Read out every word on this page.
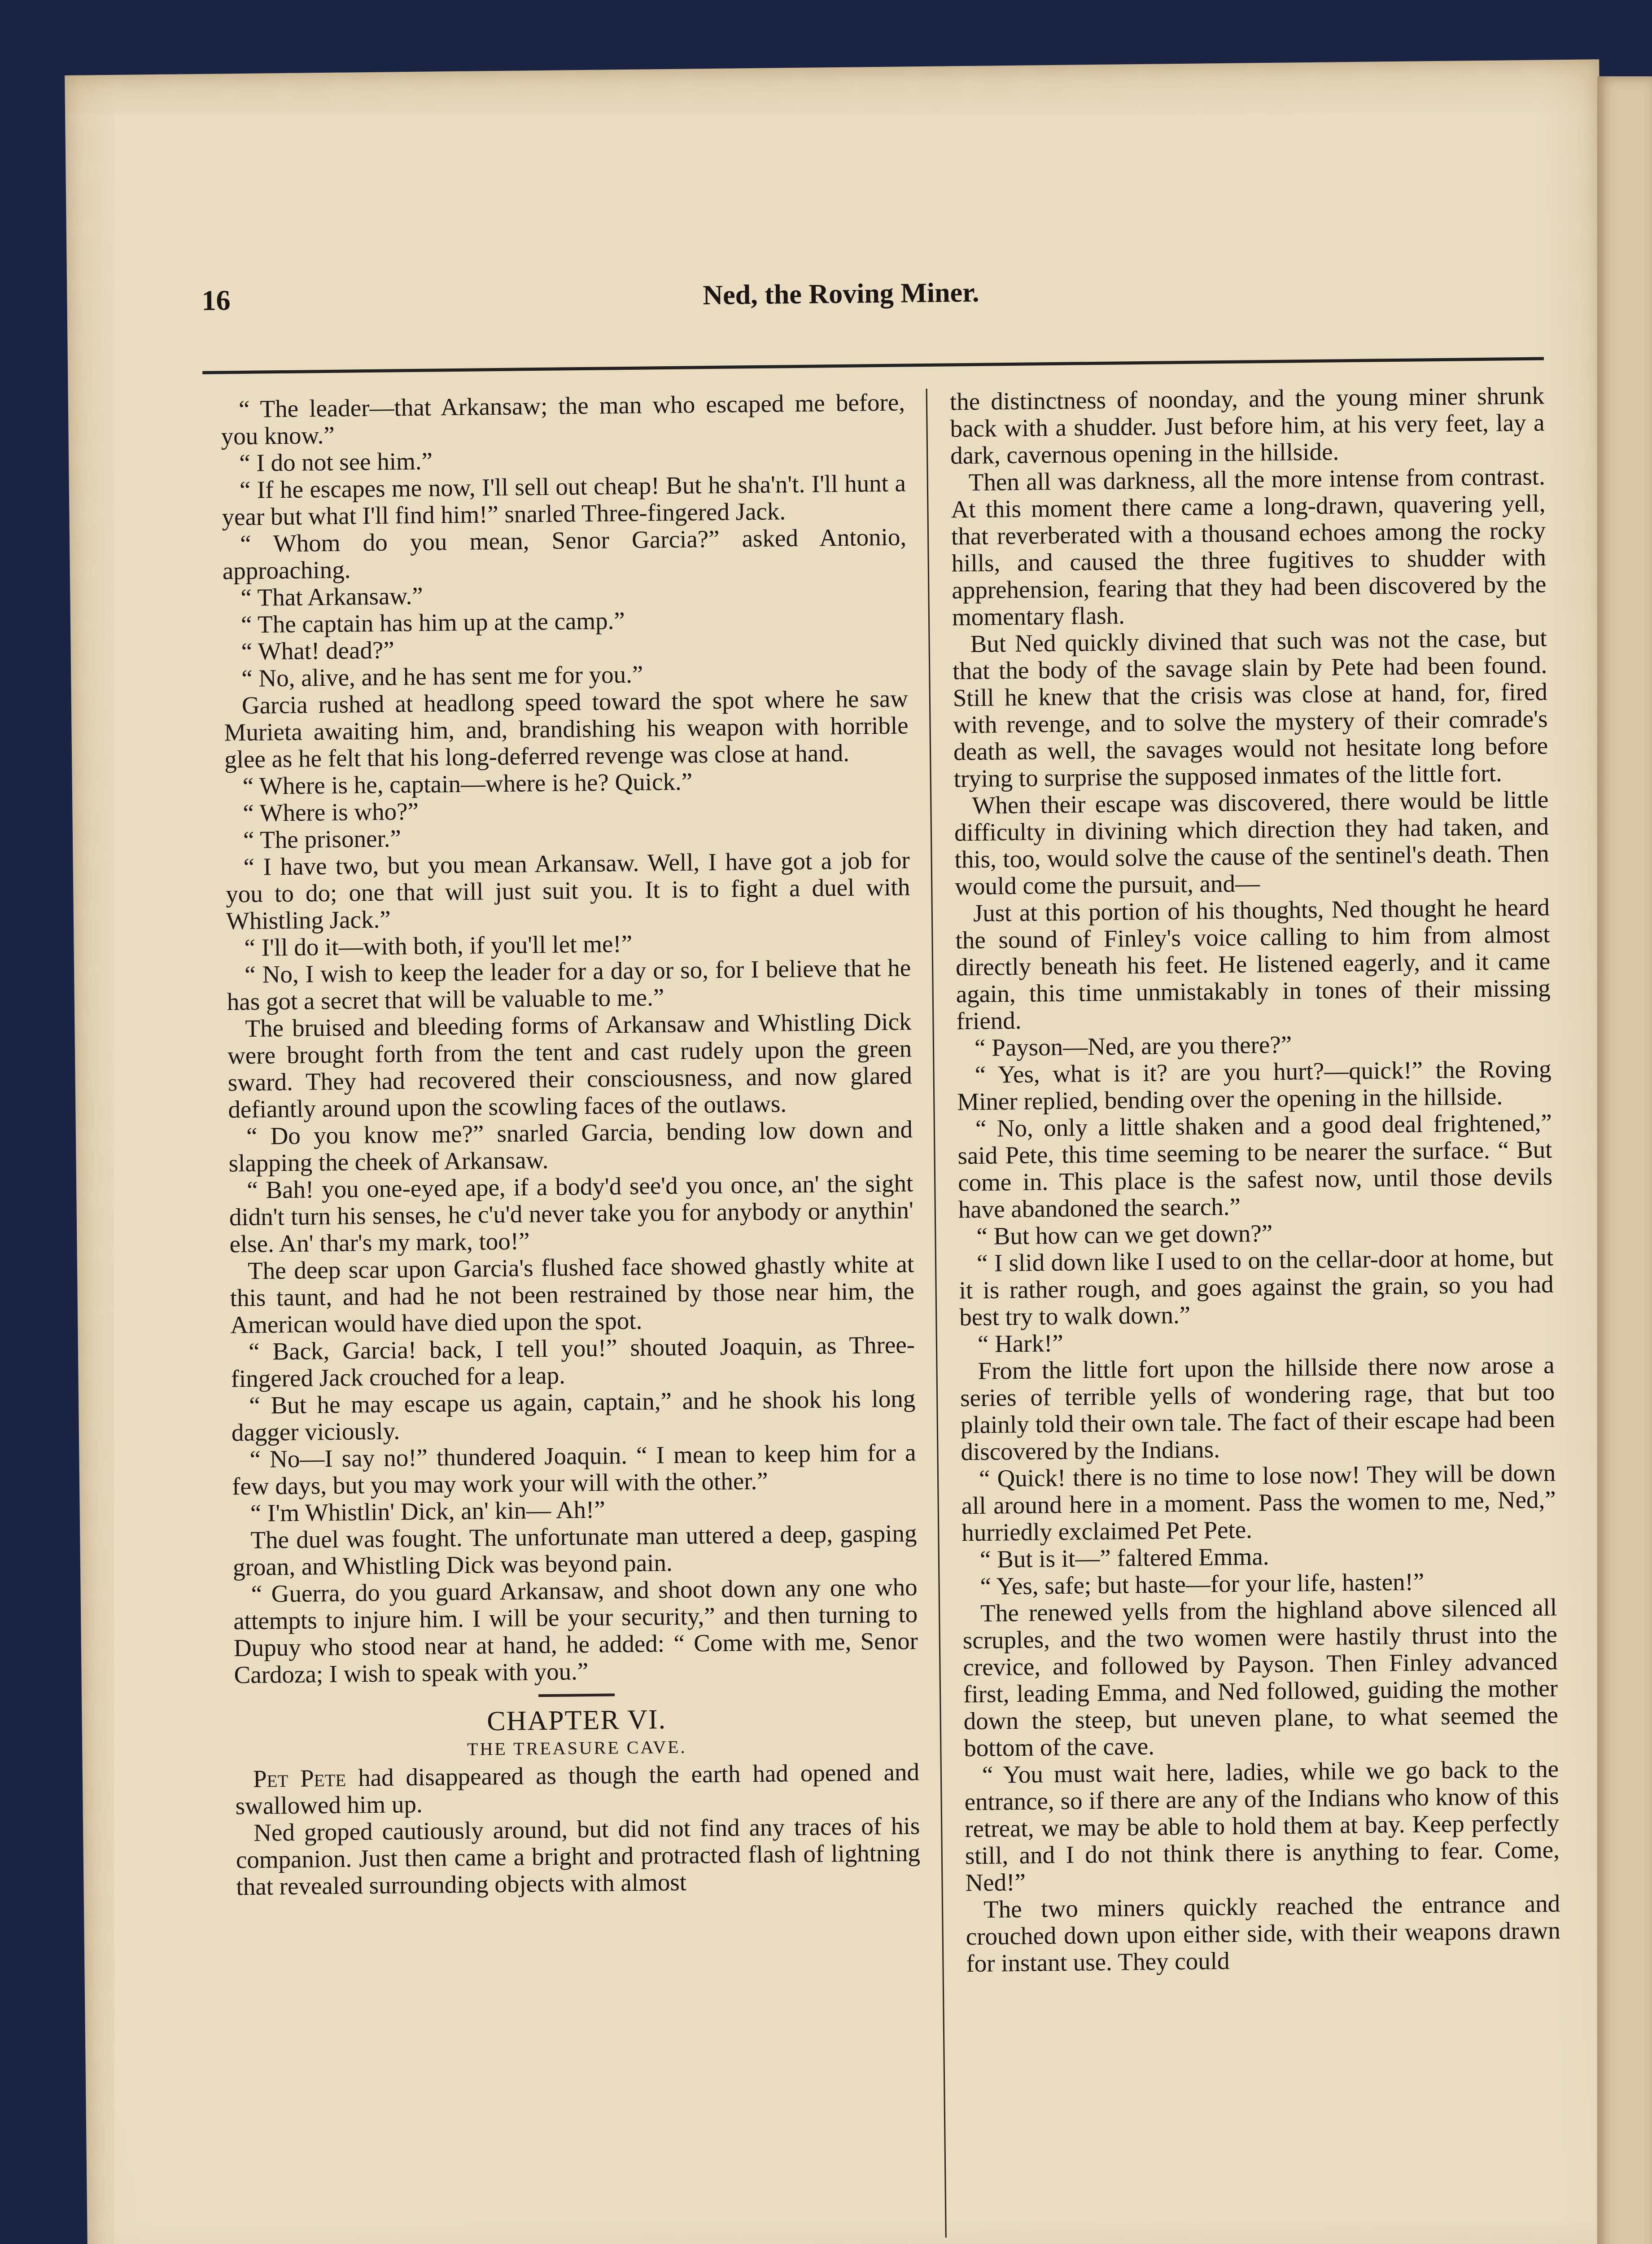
16	Ned, the Roving Miner.

“ The leader—that Arkansaw; the man who escaped me before, you know.”

“ I do not see him.”

“ If he escapes me now, I'll sell out cheap! But he sha'n't. I'll hunt a year but what I'll find him!” snarled Three-fingered Jack.

“ Whom do you mean, Senor Garcia?” asked Antonio, approaching.

“ That Arkansaw.”

“ The captain has him up at the camp.”

“ What! dead?”

“ No, alive, and he has sent me for you.”

Garcia rushed at headlong speed toward the spot where he saw Murieta awaiting him, and, brandishing his weapon with horrible glee as he felt that his long-deferred revenge was close at hand.

“ Where is he, captain—where is he? Quick.”

“ Where is who?”

“ The prisoner.”

“ I have two, but you mean Arkansaw. Well, I have got a job for you to do; one that will just suit you. It is to fight a duel with Whistling Jack.”

“ I'll do it—with both, if you'll let me!”

“ No, I wish to keep the leader for a day or so, for I believe that he has got a secret that will be valuable to me.”

The bruised and bleeding forms of Arkansaw and Whistling Dick were brought forth from the tent and cast rudely upon the green sward. They had recovered their consciousness, and now glared defiantly around upon the scowling faces of the outlaws.

“ Do you know me?” snarled Garcia, bending low down and slapping the cheek of Arkansaw.

“ Bah! you one-eyed ape, if a body'd see'd you once, an' the sight didn't turn his senses, he c'u'd never take you for anybody or anythin' else. An' thar's my mark, too!”

The deep scar upon Garcia's flushed face showed ghastly white at this taunt, and had he not been restrained by those near him, the American would have died upon the spot.

“ Back, Garcia! back, I tell you!” shouted Joaquin, as Three-fingered Jack crouched for a leap.

“ But he may escape us again, captain,” and he shook his long dagger viciously.

“ No—I say no!” thundered Joaquin. “ I mean to keep him for a few days, but you may work your will with the other.”

“ I'm Whistlin' Dick, an' kin— Ah!”

The duel was fought. The unfortunate man uttered a deep, gasping groan, and Whistling Dick was beyond pain.

“ Guerra, do you guard Arkansaw, and shoot down any one who attempts to injure him. I will be your security,” and then turning to Dupuy who stood near at hand, he added: “ Come with me, Senor Cardoza; I wish to speak with you.”

CHAPTER VI.
THE TREASURE CAVE.

Pet Pete had disappeared as though the earth had opened and swallowed him up.

Ned groped cautiously around, but did not find any traces of his companion. Just then came a bright and protracted flash of lightning that revealed surrounding objects with almost

the distinctness of noonday, and the young miner shrunk back with a shudder. Just before him, at his very feet, lay a dark, cavernous opening in the hillside.

Then all was darkness, all the more intense from contrast. At this moment there came a long-drawn, quavering yell, that reverberated with a thousand echoes among the rocky hills, and caused the three fugitives to shudder with apprehension, fearing that they had been discovered by the momentary flash.

But Ned quickly divined that such was not the case, but that the body of the savage slain by Pete had been found. Still he knew that the crisis was close at hand, for, fired with revenge, and to solve the mystery of their comrade's death as well, the savages would not hesitate long before trying to surprise the supposed inmates of the little fort.

When their escape was discovered, there would be little difficulty in divining which direction they had taken, and this, too, would solve the cause of the sentinel's death. Then would come the pursuit, and—

Just at this portion of his thoughts, Ned thought he heard the sound of Finley's voice calling to him from almost directly beneath his feet. He listened eagerly, and it came again, this time unmistakably in tones of their missing friend.

“ Payson—Ned, are you there?”

“ Yes, what is it? are you hurt?—quick!” the Roving Miner replied, bending over the opening in the hillside.

“ No, only a little shaken and a good deal frightened,” said Pete, this time seeming to be nearer the surface. “ But come in. This place is the safest now, until those devils have abandoned the search.”

“ But how can we get down?”

“ I slid down like I used to on the cellar-door at home, but it is rather rough, and goes against the grain, so you had best try to walk down.”

“ Hark!”

From the little fort upon the hillside there now arose a series of terrible yells of wondering rage, that but too plainly told their own tale. The fact of their escape had been discovered by the Indians.

“ Quick! there is no time to lose now! They will be down all around here in a moment. Pass the women to me, Ned,” hurriedly exclaimed Pet Pete.

“ But is it—” faltered Emma.

“ Yes, safe; but haste—for your life, hasten!”

The renewed yells from the highland above silenced all scruples, and the two women were hastily thrust into the crevice, and followed by Payson. Then Finley advanced first, leading Emma, and Ned followed, guiding the mother down the steep, but uneven plane, to what seemed the bottom of the cave.

“ You must wait here, ladies, while we go back to the entrance, so if there are any of the Indians who know of this retreat, we may be able to hold them at bay. Keep perfectly still, and I do not think there is anything to fear. Come, Ned!”

The two miners quickly reached the entrance and crouched down upon either side, with their weapons drawn for instant use. They could
